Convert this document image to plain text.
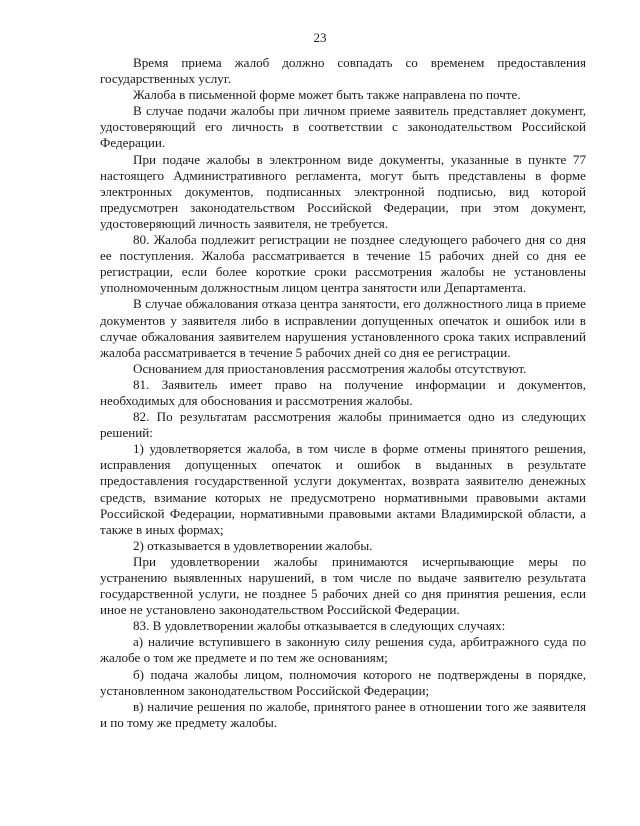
23

Время приема жалоб должно совпадать со временем предоставления государственных услуг.

Жалоба в письменной форме может быть также направлена по почте.

В случае подачи жалобы при личном приеме заявитель представляет документ, удостоверяющий его личность в соответствии с законодательством Российской Федерации.

При подаче жалобы в электронном виде документы, указанные в пункте 77 настоящего Административного регламента, могут быть представлены в форме электронных документов, подписанных электронной подписью, вид которой предусмотрен законодательством Российской Федерации, при этом документ, удостоверяющий личность заявителя, не требуется.

80. Жалоба подлежит регистрации не позднее следующего рабочего дня со дня ее поступления. Жалоба рассматривается в течение 15 рабочих дней со дня ее регистрации, если более короткие сроки рассмотрения жалобы не установлены уполномоченным должностным лицом центра занятости или Департамента.

В случае обжалования отказа центра занятости, его должностного лица в приеме документов у заявителя либо в исправлении допущенных опечаток и ошибок или в случае обжалования заявителем нарушения установленного срока таких исправлений жалоба рассматривается в течение 5 рабочих дней со дня ее регистрации.

Основанием для приостановления рассмотрения жалобы отсутствуют.

81. Заявитель имеет право на получение информации и документов, необходимых для обоснования и рассмотрения жалобы.

82. По результатам рассмотрения жалобы принимается одно из следующих решений:

1) удовлетворяется жалоба, в том числе в форме отмены принятого решения, исправления допущенных опечаток и ошибок в выданных в результате предоставления государственной услуги документах, возврата заявителю денежных средств, взимание которых не предусмотрено нормативными правовыми актами Российской Федерации, нормативными правовыми актами Владимирской области, а также в иных формах;

2) отказывается в удовлетворении жалобы.

При удовлетворении жалобы принимаются исчерпывающие меры по устранению выявленных нарушений, в том числе по выдаче заявителю результата государственной услуги, не позднее 5 рабочих дней со дня принятия решения, если иное не установлено законодательством Российской Федерации.

83. В удовлетворении жалобы отказывается в следующих случаях:

а) наличие вступившего в законную силу решения суда, арбитражного суда по жалобе о том же предмете и по тем же основаниям;

б) подача жалобы лицом, полномочия которого не подтверждены в порядке, установленном законодательством Российской Федерации;

в) наличие решения по жалобе, принятого ранее в отношении того же заявителя и по тому же предмету жалобы.
